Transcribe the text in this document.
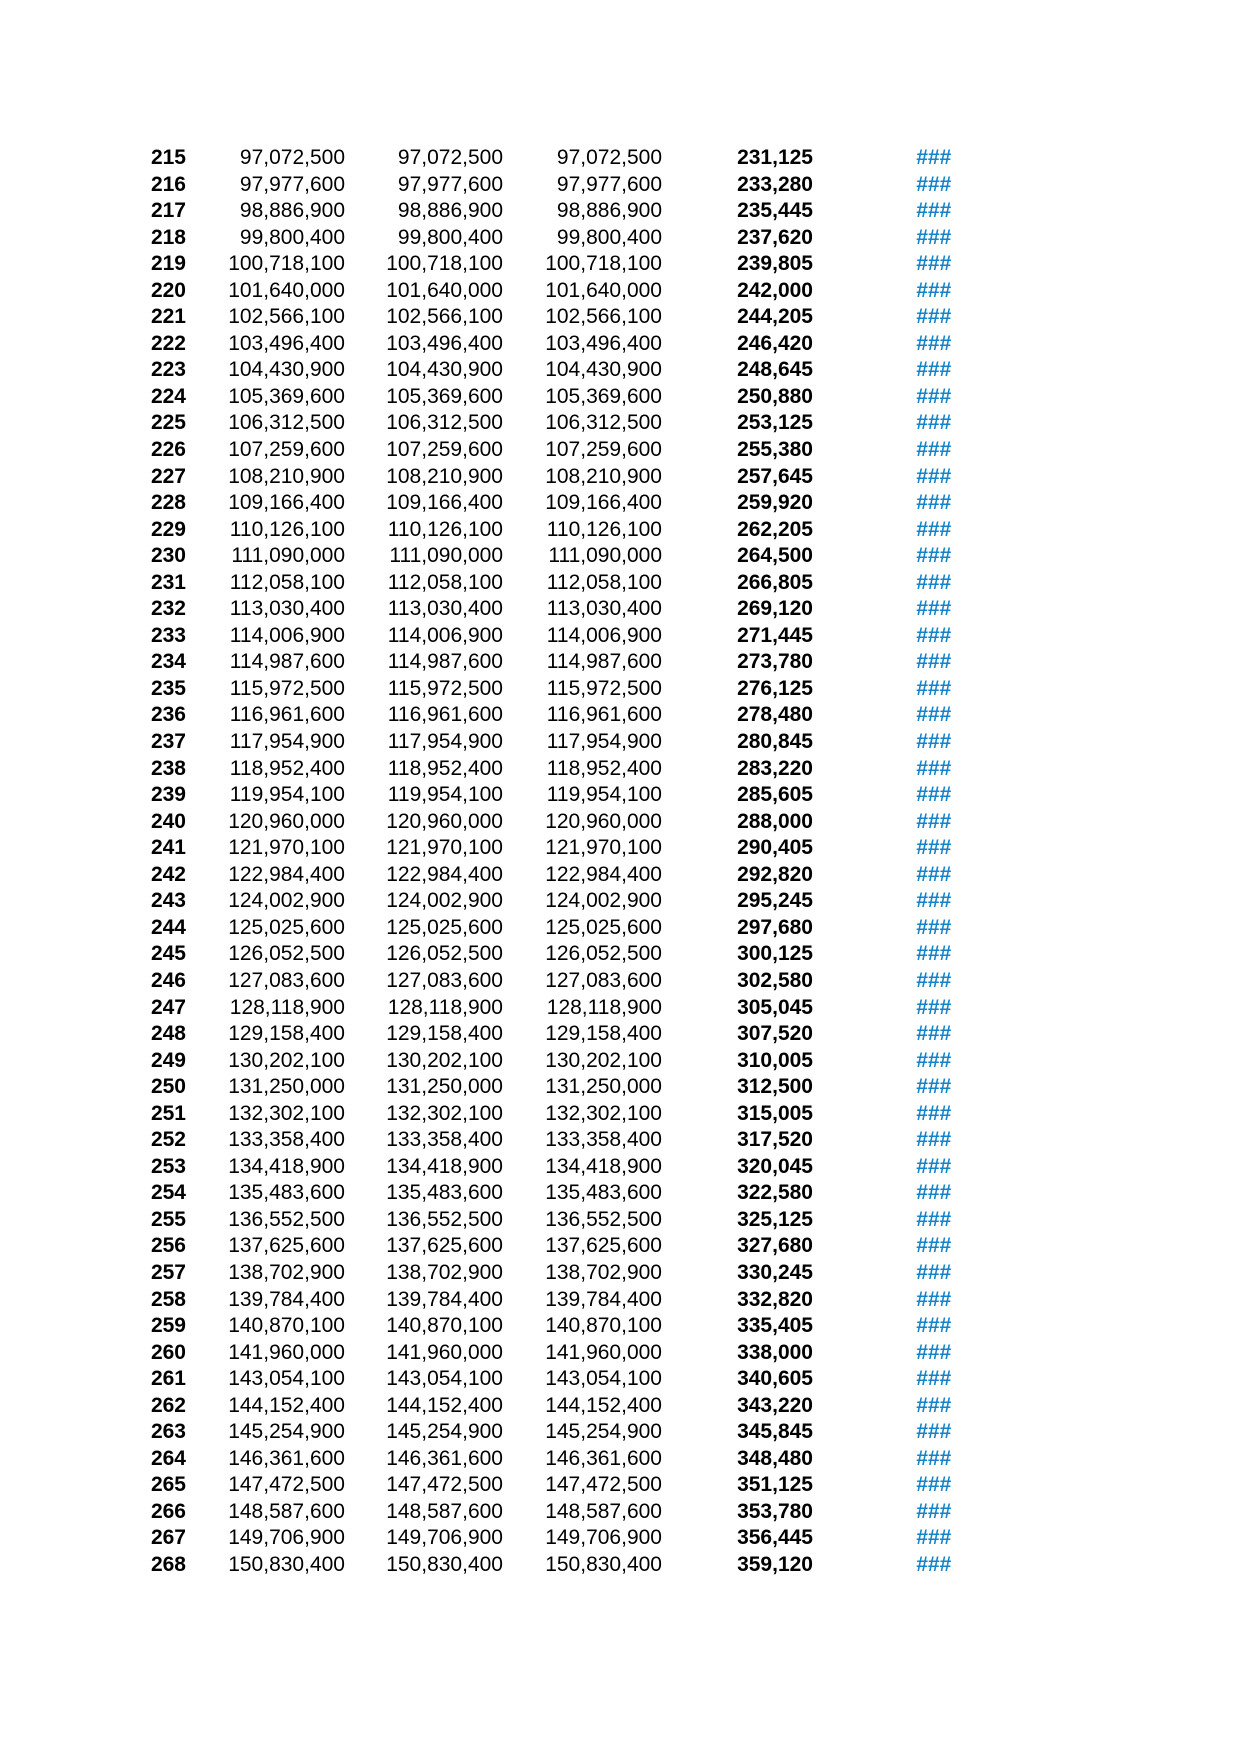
215	97,072,500	97,072,500	97,072,500	231,125	###
216	97,977,600	97,977,600	97,977,600	233,280	###
217	98,886,900	98,886,900	98,886,900	235,445	###
218	99,800,400	99,800,400	99,800,400	237,620	###
219	100,718,100	100,718,100	100,718,100	239,805	###
220	101,640,000	101,640,000	101,640,000	242,000	###
221	102,566,100	102,566,100	102,566,100	244,205	###
222	103,496,400	103,496,400	103,496,400	246,420	###
223	104,430,900	104,430,900	104,430,900	248,645	###
224	105,369,600	105,369,600	105,369,600	250,880	###
225	106,312,500	106,312,500	106,312,500	253,125	###
226	107,259,600	107,259,600	107,259,600	255,380	###
227	108,210,900	108,210,900	108,210,900	257,645	###
228	109,166,400	109,166,400	109,166,400	259,920	###
229	110,126,100	110,126,100	110,126,100	262,205	###
230	111,090,000	111,090,000	111,090,000	264,500	###
231	112,058,100	112,058,100	112,058,100	266,805	###
232	113,030,400	113,030,400	113,030,400	269,120	###
233	114,006,900	114,006,900	114,006,900	271,445	###
234	114,987,600	114,987,600	114,987,600	273,780	###
235	115,972,500	115,972,500	115,972,500	276,125	###
236	116,961,600	116,961,600	116,961,600	278,480	###
237	117,954,900	117,954,900	117,954,900	280,845	###
238	118,952,400	118,952,400	118,952,400	283,220	###
239	119,954,100	119,954,100	119,954,100	285,605	###
240	120,960,000	120,960,000	120,960,000	288,000	###
241	121,970,100	121,970,100	121,970,100	290,405	###
242	122,984,400	122,984,400	122,984,400	292,820	###
243	124,002,900	124,002,900	124,002,900	295,245	###
244	125,025,600	125,025,600	125,025,600	297,680	###
245	126,052,500	126,052,500	126,052,500	300,125	###
246	127,083,600	127,083,600	127,083,600	302,580	###
247	128,118,900	128,118,900	128,118,900	305,045	###
248	129,158,400	129,158,400	129,158,400	307,520	###
249	130,202,100	130,202,100	130,202,100	310,005	###
250	131,250,000	131,250,000	131,250,000	312,500	###
251	132,302,100	132,302,100	132,302,100	315,005	###
252	133,358,400	133,358,400	133,358,400	317,520	###
253	134,418,900	134,418,900	134,418,900	320,045	###
254	135,483,600	135,483,600	135,483,600	322,580	###
255	136,552,500	136,552,500	136,552,500	325,125	###
256	137,625,600	137,625,600	137,625,600	327,680	###
257	138,702,900	138,702,900	138,702,900	330,245	###
258	139,784,400	139,784,400	139,784,400	332,820	###
259	140,870,100	140,870,100	140,870,100	335,405	###
260	141,960,000	141,960,000	141,960,000	338,000	###
261	143,054,100	143,054,100	143,054,100	340,605	###
262	144,152,400	144,152,400	144,152,400	343,220	###
263	145,254,900	145,254,900	145,254,900	345,845	###
264	146,361,600	146,361,600	146,361,600	348,480	###
265	147,472,500	147,472,500	147,472,500	351,125	###
266	148,587,600	148,587,600	148,587,600	353,780	###
267	149,706,900	149,706,900	149,706,900	356,445	###
268	150,830,400	150,830,400	150,830,400	359,120	###
